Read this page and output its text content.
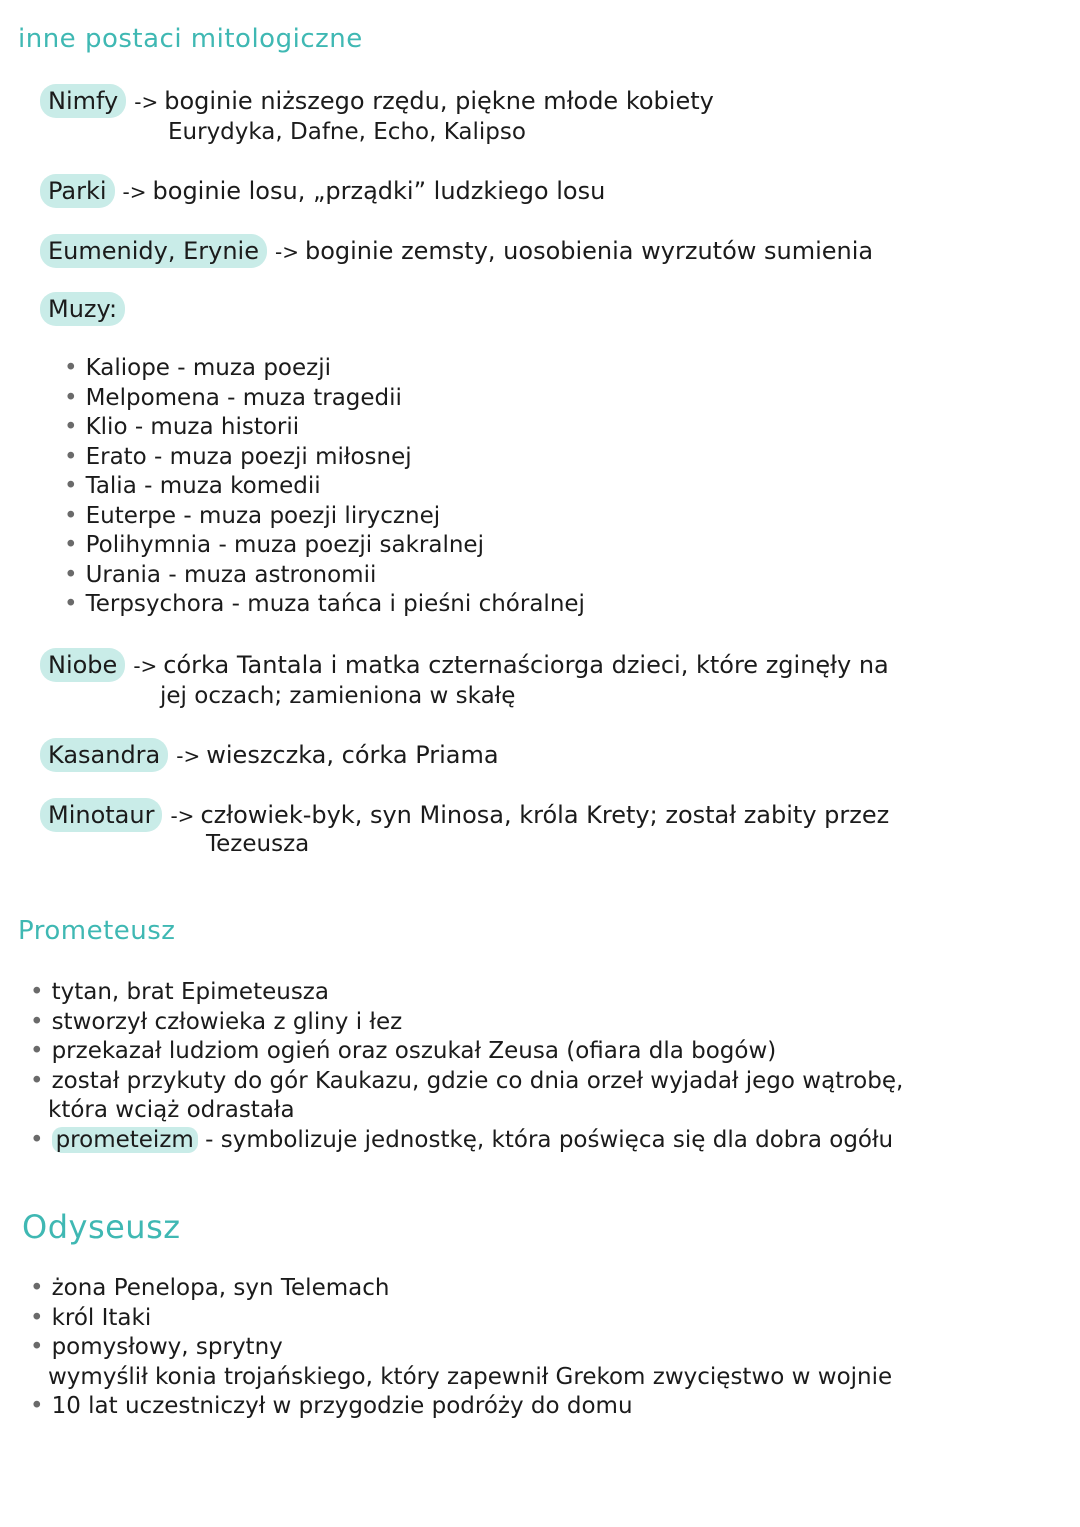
inne postaci mitologiczne
Nimfy -> boginie niższego rzędu, piękne młode kobiety
Eurydyka, Dafne, Echo, Kalipso
Parki -> boginie losu, „prządki” ludzkiego losu
Eumenidy, Erynie -> boginie zemsty, uosobienia wyrzutów sumienia
Muzy:
• Kaliope - muza poezji
• Melpomena - muza tragedii
• Klio - muza historii
• Erato - muza poezji miłosnej
• Talia - muza komedii
• Euterpe - muza poezji lirycznej
• Polihymnia - muza poezji sakralnej
• Urania - muza astronomii
• Terpsychora - muza tańca i pieśni chóralnej
Niobe -> córka Tantala i matka czternaściorga dzieci, które zginęły na
jej oczach; zamieniona w skałę
Kasandra -> wieszczka, córka Priama
Minotaur -> człowiek-byk, syn Minosa, króla Krety; został zabity przez
Tezeusza
Prometeusz
• tytan, brat Epimeteusza
• stworzył człowieka z gliny i łez
• przekazał ludziom ogień oraz oszukał Zeusa (ofiara dla bogów)
• został przykuty do gór Kaukazu, gdzie co dnia orzeł wyjadał jego wątrobę,
która wciąż odrastała
• prometeizm - symbolizuje jednostkę, która poświęca się dla dobra ogółu
Odyseusz
• żona Penelopa, syn Telemach
• król Itaki
• pomysłowy, sprytny
wymyślił konia trojańskiego, który zapewnił Grekom zwycięstwo w wojnie
• 10 lat uczestniczył w przygodzie podróży do domu
